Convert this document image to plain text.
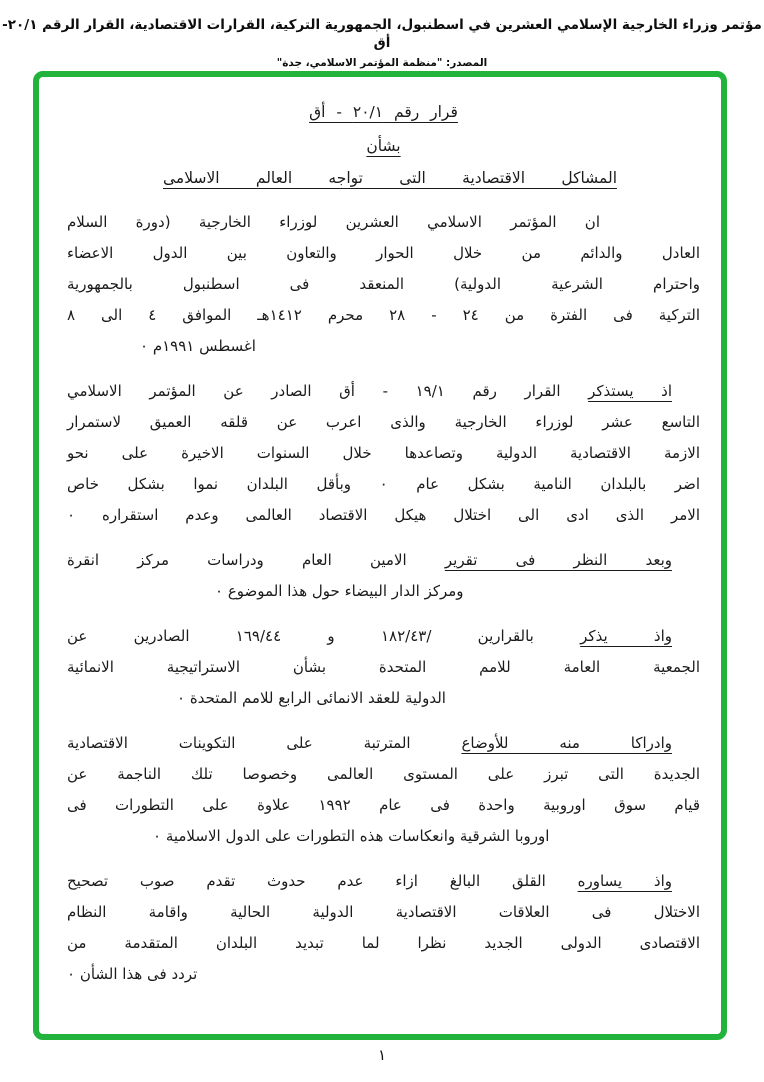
مؤتمر وزراء الخارجية الإسلامي العشرين في اسطنبول، الجمهورية التركية، القرارات الاقتصادية، القرار الرقم ٢٠/١-أق
المصدر: "منظمة المؤتمر الاسلامي، جدة"
قرار رقم ٢٠/١ - أق
بشأن
المشاكل الاقتصادية التى تواجه العالم الاسلامى
ان المؤتمر الاسلامي العشرين لوزراء الخارجية (دورة السلام
العادل والدائم من خلال الحوار والتعاون بين الدول الاعضاء
واحترام الشرعية الدولية) المنعقد فى اسطنبول بالجمهورية
التركية فى الفترة من ٢٤ - ٢٨ محرم ١٤١٢هـ الموافق ٤ الى ٨
اغسطس ١٩٩١م ٠
اذ يستذكر القرار رقم ١٩/١ - أق الصادر عن المؤتمر الاسلامي
التاسع عشر لوزراء الخارجية والذى اعرب عن قلقه العميق لاستمرار
الازمة الاقتصادية الدولية وتصاعدها خلال السنوات الاخيرة على نحو
اضر بالبلدان النامية بشكل عام ٠ وبأقل البلدان نموا بشكل خاص
الامر الذى ادى الى اختلال هيكل الاقتصاد العالمى وعدم استقراره ٠
وبعد النظر فى تقرير الامين العام ودراسات مركز انقرة
ومركز الدار البيضاء حول هذا الموضوع ٠
واذ يذكر بالقرارين /١٨٢/٤٣ و ١٦٩/٤٤ الصادرين عن
الجمعية العامة للامم المتحدة بشأن الاستراتيجية الانمائية
الدولية للعقد الانمائى الرابع للامم المتحدة ٠
وادراكا منه للأوضاع المترتبة على التكوينات الاقتصادية
الجديدة التى تبرز على المستوى العالمى وخصوصا تلك الناجمة عن
قيام سوق اوروبية واحدة فى عام ١٩٩٢ علاوة على التطورات فى
اوروبا الشرقية وانعكاسات هذه التطورات على الدول الاسلامية ٠
واذ يساوره القلق البالغ ازاء عدم حدوث تقدم صوب تصحيح
الاختلال فى العلاقات الاقتصادية الدولية الحالية واقامة النظام
الاقتصادى الدولى الجديد نظرا لما تبديد البلدان المتقدمة من
تردد فى هذا الشأن ٠
١
